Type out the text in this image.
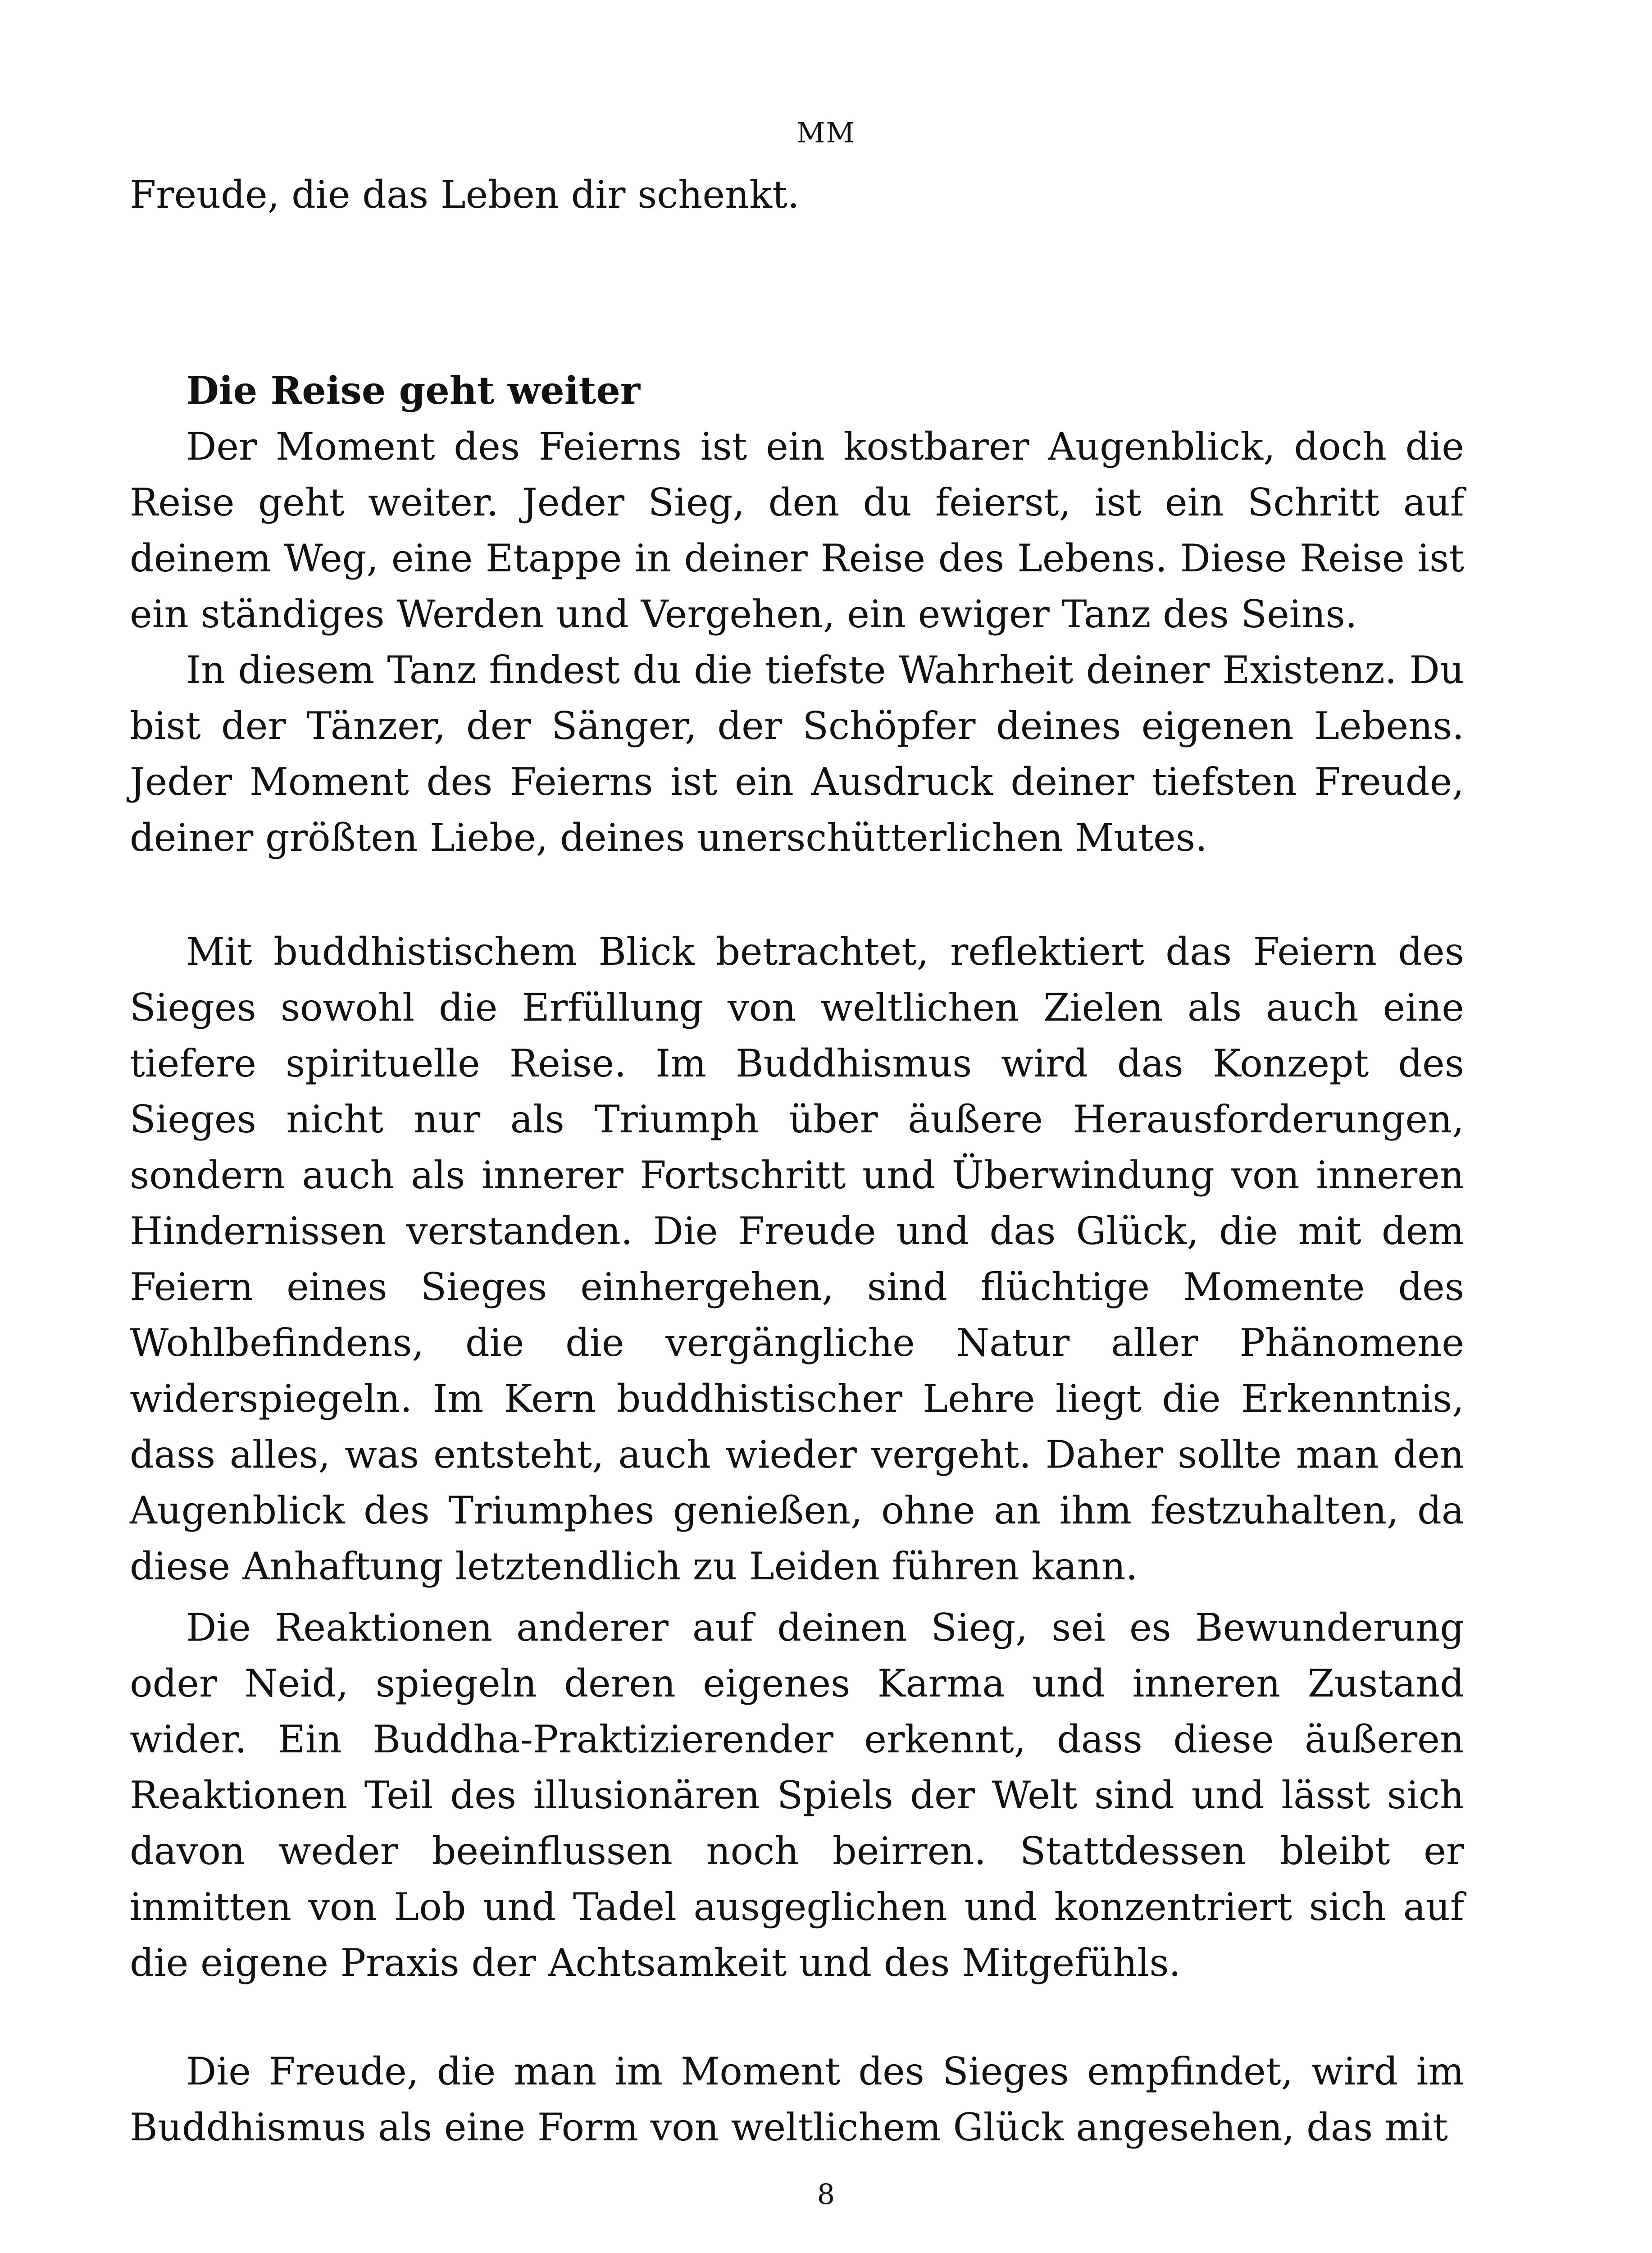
MM

Freude, die das Leben dir schenkt.

Die Reise geht weiter

Der Moment des Feierns ist ein kostbarer Augenblick, doch die Reise geht weiter. Jeder Sieg, den du feierst, ist ein Schritt auf deinem Weg, eine Etappe in deiner Reise des Lebens. Diese Reise ist ein ständiges Werden und Vergehen, ein ewiger Tanz des Seins.

In diesem Tanz findest du die tiefste Wahrheit deiner Existenz. Du bist der Tänzer, der Sänger, der Schöpfer deines eigenen Lebens. Jeder Moment des Feierns ist ein Ausdruck deiner tiefsten Freude, deiner größten Liebe, deines unerschütterlichen Mutes.

Mit buddhistischem Blick betrachtet, reflektiert das Feiern des Sieges sowohl die Erfüllung von weltlichen Zielen als auch eine tiefere spirituelle Reise. Im Buddhismus wird das Konzept des Sieges nicht nur als Triumph über äußere Herausforderungen, sondern auch als innerer Fortschritt und Überwindung von inneren Hindernissen verstanden. Die Freude und das Glück, die mit dem Feiern eines Sieges einhergehen, sind flüchtige Momente des Wohlbefindens, die die vergängliche Natur aller Phänomene widerspiegeln. Im Kern buddhistischer Lehre liegt die Erkenntnis, dass alles, was entsteht, auch wieder vergeht. Daher sollte man den Augenblick des Triumphes genießen, ohne an ihm festzuhalten, da diese Anhaftung letztendlich zu Leiden führen kann.

Die Reaktionen anderer auf deinen Sieg, sei es Bewunderung oder Neid, spiegeln deren eigenes Karma und inneren Zustand wider. Ein Buddha-Praktizierender erkennt, dass diese äußeren Reaktionen Teil des illusionären Spiels der Welt sind und lässt sich davon weder beeinflussen noch beirren. Stattdessen bleibt er inmitten von Lob und Tadel ausgeglichen und konzentriert sich auf die eigene Praxis der Achtsamkeit und des Mitgefühls.

Die Freude, die man im Moment des Sieges empfindet, wird im Buddhismus als eine Form von weltlichem Glück angesehen, das mit

8
